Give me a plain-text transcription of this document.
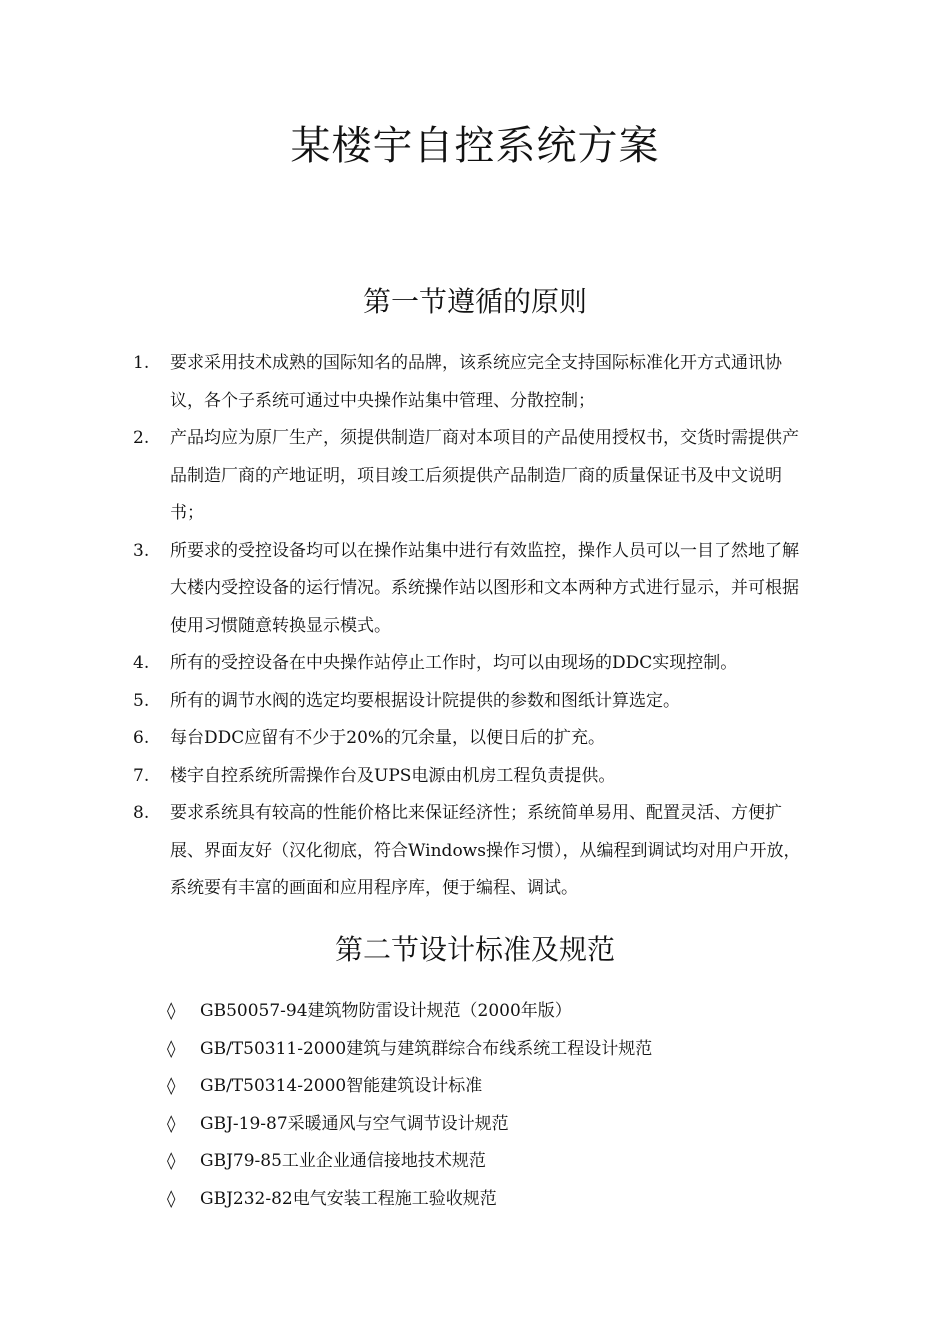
某楼宇自控系统方案
第一节遵循的原则
1. 要求采用技术成熟的国际知名的品牌，该系统应完全支持国际标准化开方式通讯协议，各个子系统可通过中央操作站集中管理、分散控制；
2. 产品均应为原厂生产，须提供制造厂商对本项目的产品使用授权书，交货时需提供产品制造厂商的产地证明，项目竣工后须提供产品制造厂商的质量保证书及中文说明书；
3. 所要求的受控设备均可以在操作站集中进行有效监控，操作人员可以一目了然地了解大楼内受控设备的运行情况。系统操作站以图形和文本两种方式进行显示，并可根据使用习惯随意转换显示模式。
4. 所有的受控设备在中央操作站停止工作时，均可以由现场的DDC实现控制。
5. 所有的调节水阀的选定均要根据设计院提供的参数和图纸计算选定。
6. 每台DDC应留有不少于20%的冗余量，以便日后的扩充。
7. 楼宇自控系统所需操作台及UPS电源由机房工程负责提供。
8. 要求系统具有较高的性能价格比来保证经济性；系统简单易用、配置灵活、方便扩展、界面友好（汉化彻底，符合Windows操作习惯），从编程到调试均对用户开放，系统要有丰富的画面和应用程序库，便于编程、调试。
第二节设计标准及规范
◊ GB50057-94建筑物防雷设计规范（2000年版）
◊ GB/T50311-2000建筑与建筑群综合布线系统工程设计规范
◊ GB/T50314-2000智能建筑设计标准
◊ GBJ-19-87采暖通风与空气调节设计规范
◊ GBJ79-85工业企业通信接地技术规范
◊ GBJ232-82电气安装工程施工验收规范
